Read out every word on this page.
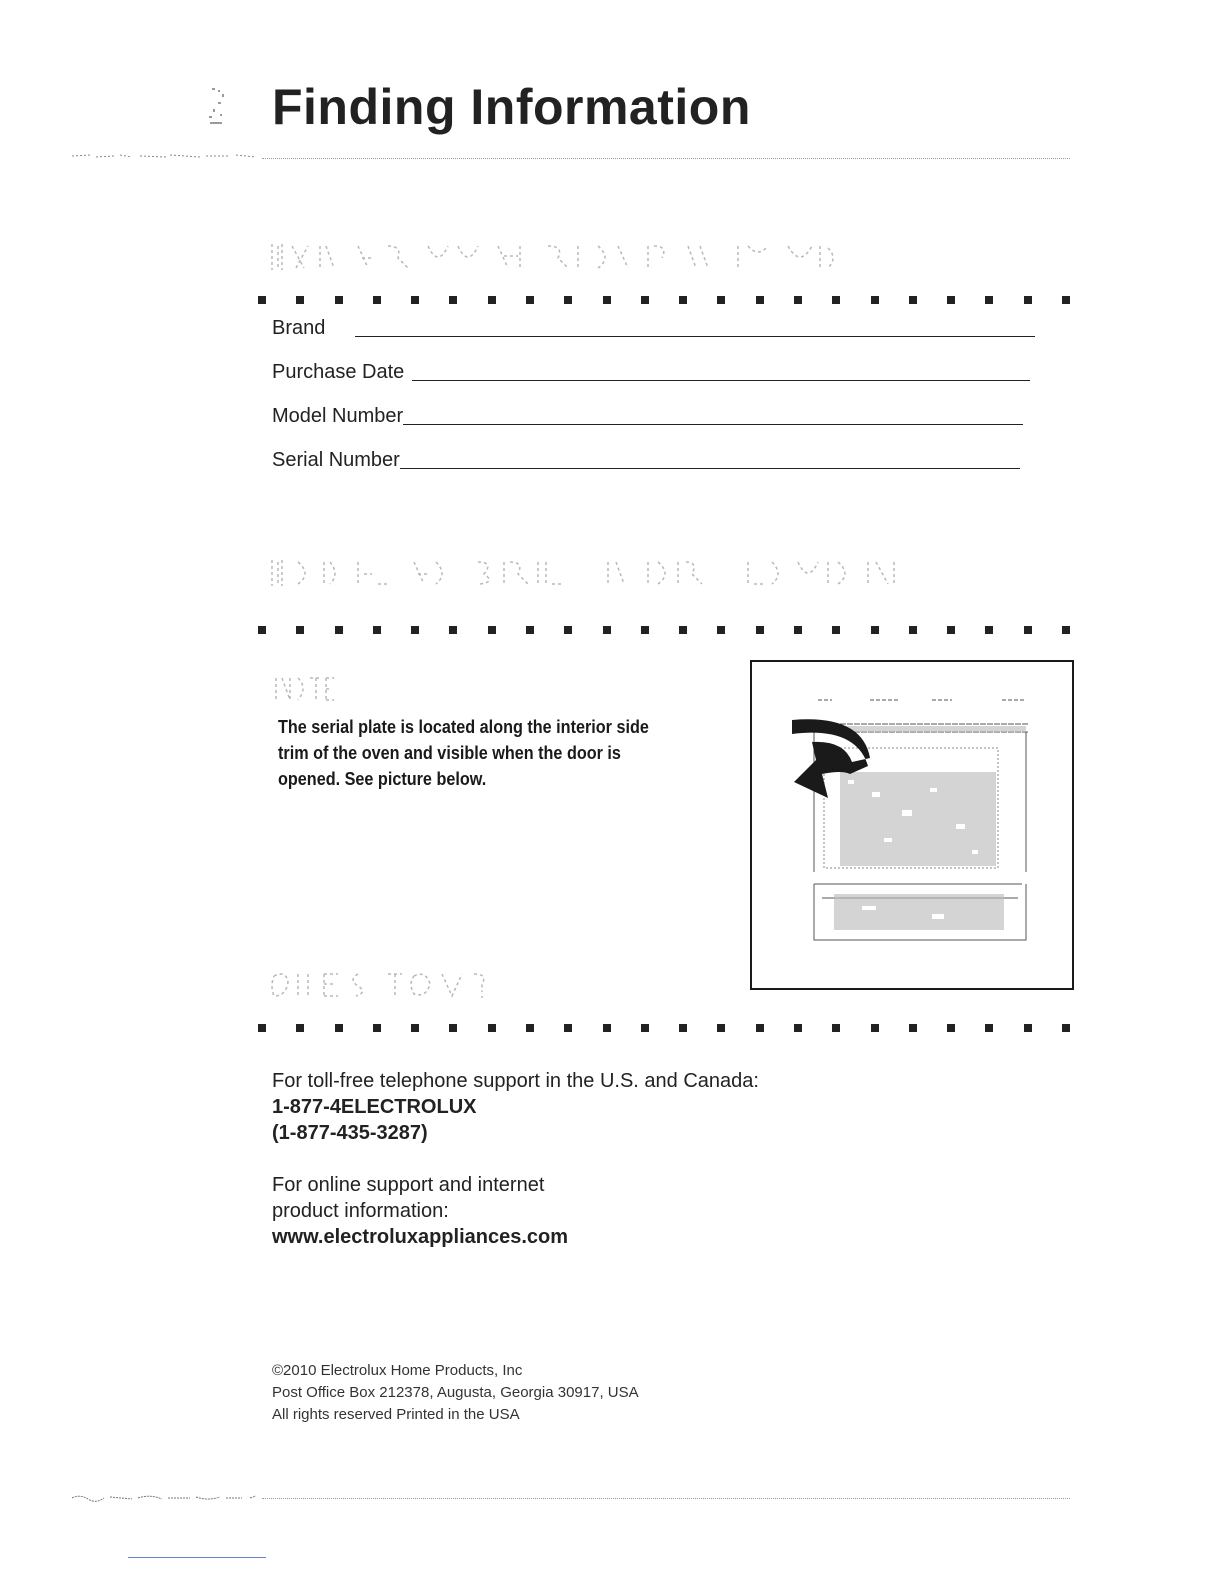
Finding Information
Brand
Purchase Date
Model Number
Serial Number
The serial plate is located along the interior side trim of the oven and visible when the door is opened. See picture below.
For toll-free telephone support in the U.S. and Canada:
1-877-4ELECTROLUX
(1-877-435-3287)
For online support and internet
product information:
www.electroluxappliances.com
©2010 Electrolux Home Products, Inc
Post Office Box 212378, Augusta, Georgia 30917, USA
All rights reserved Printed in the USA
